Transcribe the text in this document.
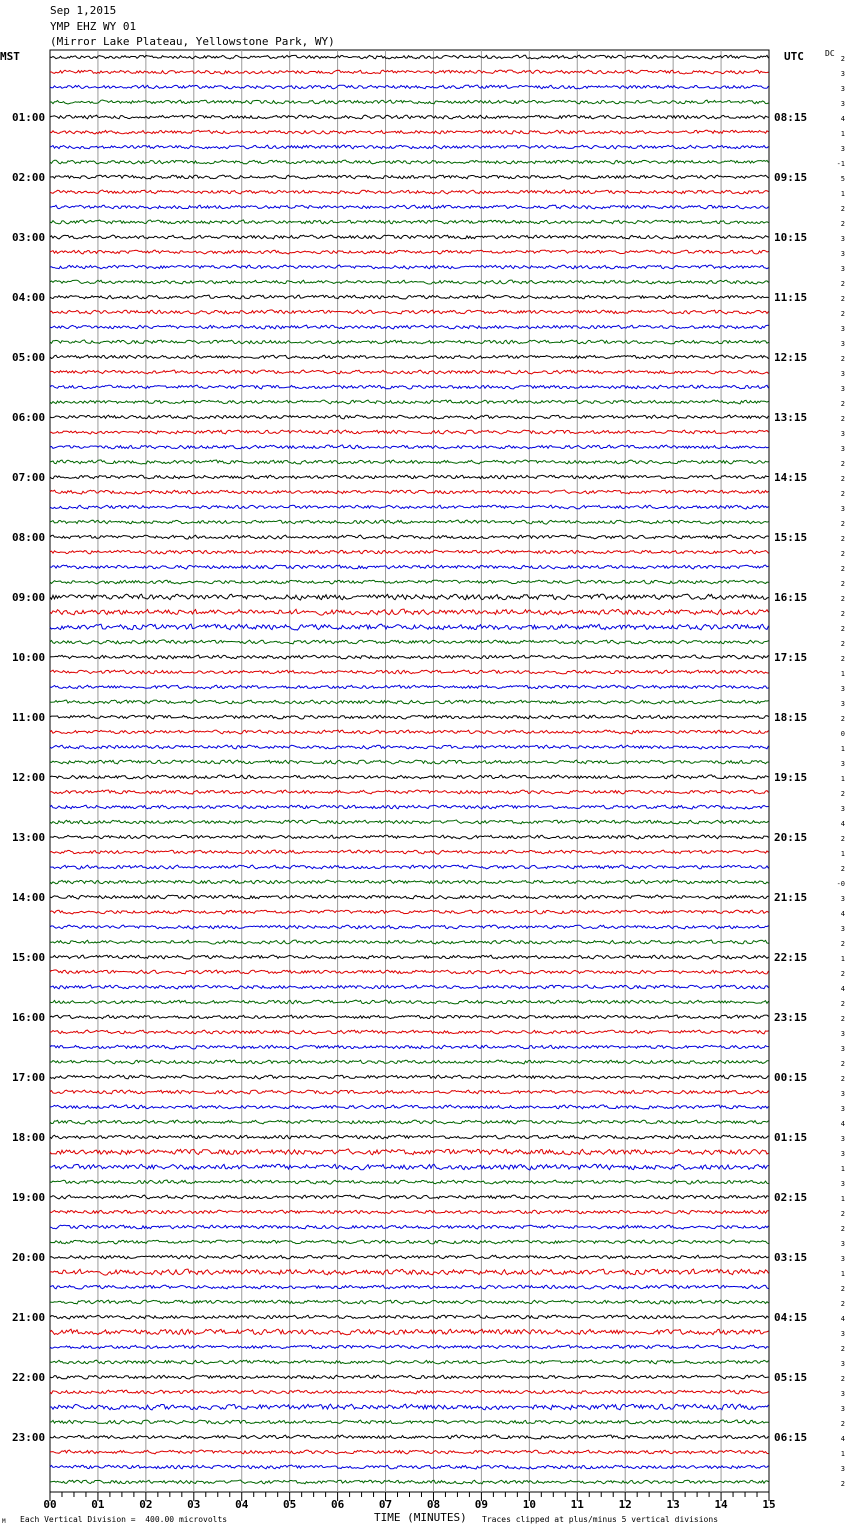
Sep 1,2015
YMP EHZ WY 01
(Mirror Lake Plateau, Yellowstone Park, WY)
MST	UTC	DC
01:00
02:00
03:00
04:00
05:00
06:00
07:00
08:00
09:00
10:00
11:00
12:00
13:00
14:00
15:00
16:00
17:00
18:00
19:00
20:00
21:00
22:00
23:00
08:15
09:15
10:15
11:15
12:15
13:15
14:15
15:15
16:15
17:15
18:15
19:15
20:15
21:15
22:15
23:15
00:15
01:15
02:15
03:15
04:15
05:15
06:15
2
3
3
3
4
1
3
-1
5
1
2
2
3
3
3
2
2
2
3
3
2
3
3
2
2
3
3
2
2
2
3
2
2
2
2
2
2
2
2
2
2
1
3
3
2
0
1
3
1
2
3
4
2
1
2
-0
3
4
3
2
1
2
4
2
2
3
3
2
2
3
3
4
3
3
1
3
1
2
2
3
3
1
2
2
4
3
2
3
2
3
3
2
4
1
3
2
00	01	02	03	04	05	06	07	08	09	10	11	12	13	14	15
M Each Vertical Division =  400.00 microvolts	TIME (MINUTES) Traces clipped at plus/minus 5 vertical divisions
